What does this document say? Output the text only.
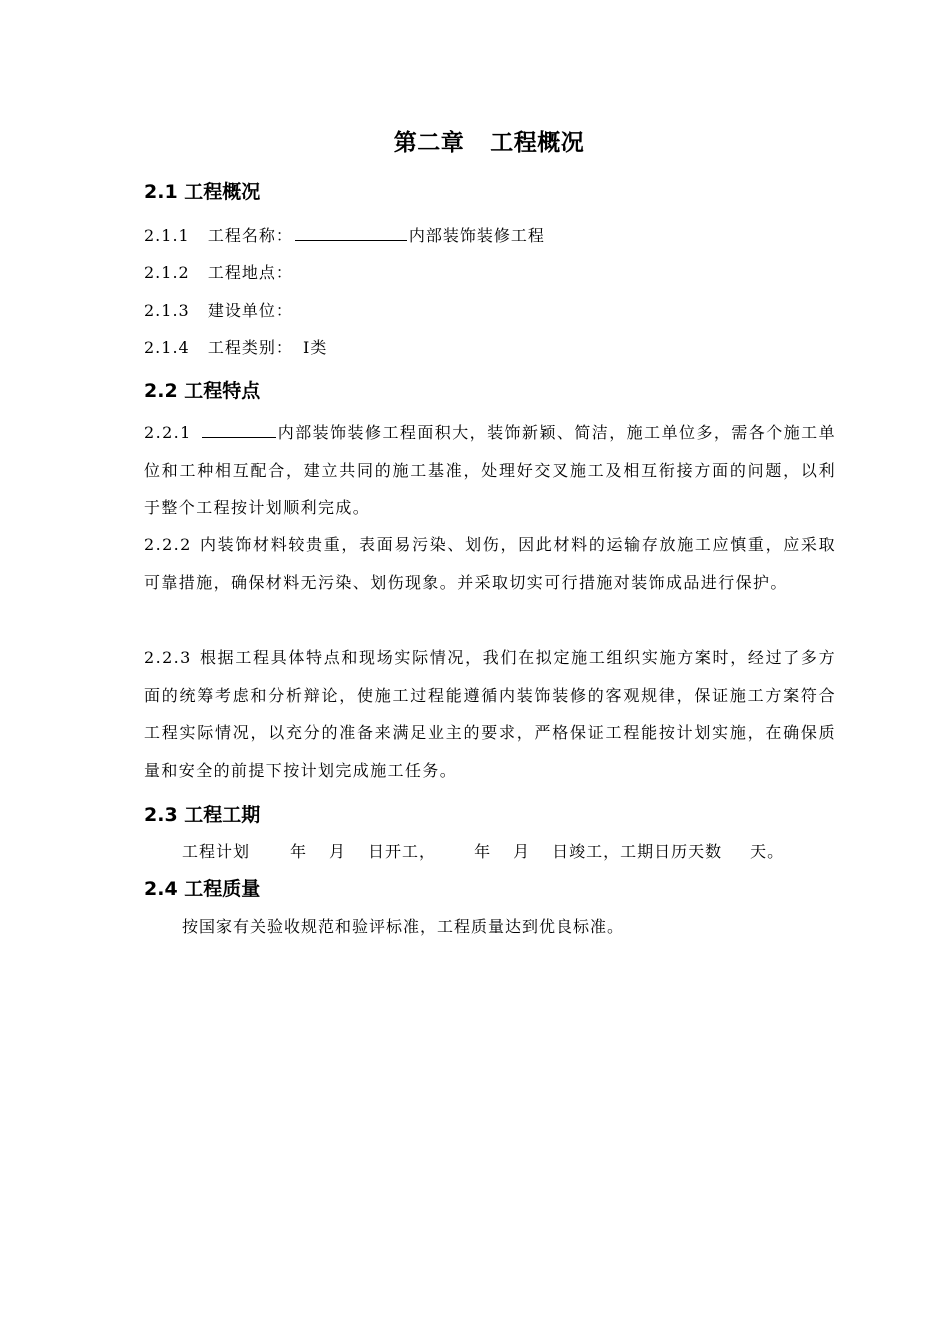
第二章 工程概况
2.1 工程概况
2.1.1 工程名称：	内部装饰装修工程
2.1.2 工程地点：
2.1.3 建设单位：
2.1.4 工程类别： Ⅰ类
2.2 工程特点
2.2.1	内部装饰装修工程面积大，装饰新颖、简洁，施工单位多，需各个施工单位和工种相互配合，建立共同的施工基准，处理好交叉施工及相互衔接方面的问题，以利于整个工程按计划顺利完成。
2.2.2 内装饰材料较贵重，表面易污染、划伤，因此材料的运输存放施工应慎重，应采取可靠措施，确保材料无污染、划伤现象。并采取切实可行措施对装饰成品进行保护。
2.2.3 根据工程具体特点和现场实际情况，我们在拟定施工组织实施方案时，经过了多方面的统筹考虑和分析辩论，使施工过程能遵循内装饰装修的客观规律，保证施工方案符合工程实际情况，以充分的准备来满足业主的要求，严格保证工程能按计划实施，在确保质量和安全的前提下按计划完成施工任务。
2.3 工程工期
工程计划	年 月 日开工， 年 月 日竣工，工期日历天数 天。
2.4 工程质量
按国家有关验收规范和验评标准，工程质量达到优良标准。
